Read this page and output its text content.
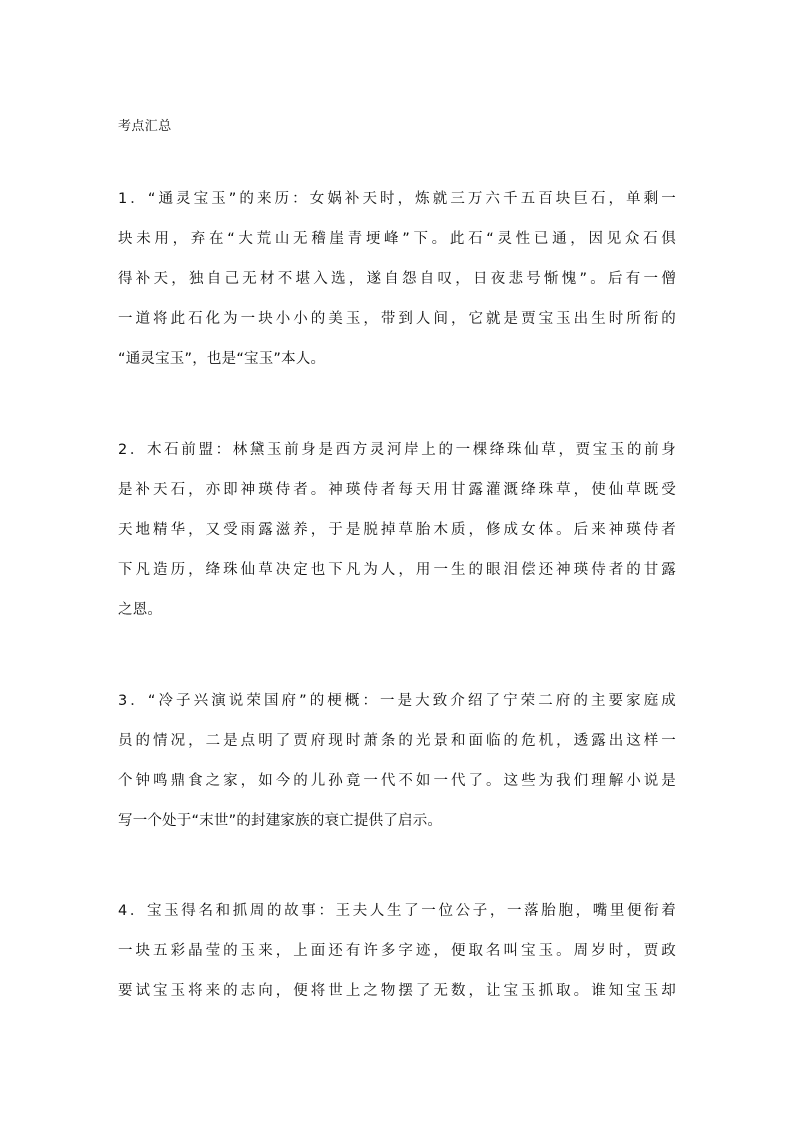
考点汇总
1．“通灵宝玉”的来历：女娲补天时，炼就三万六千五百块巨石，单剩一
块未用，弃在“大荒山无稽崖青埂峰”下。此石“灵性已通，因见众石俱
得补天，独自己无材不堪入选，遂自怨自叹，日夜悲号惭愧”。后有一僧
一道将此石化为一块小小的美玉，带到人间，它就是贾宝玉出生时所衔的
“通灵宝玉”，也是“宝玉”本人。
2．木石前盟：林黛玉前身是西方灵河岸上的一棵绛珠仙草，贾宝玉的前身
是补天石，亦即神瑛侍者。神瑛侍者每天用甘露灌溉绛珠草，使仙草既受
天地精华，又受雨露滋养，于是脱掉草胎木质，修成女体。后来神瑛侍者
下凡造历，绛珠仙草决定也下凡为人，用一生的眼泪偿还神瑛侍者的甘露
之恩。
3．“冷子兴演说荣国府”的梗概：一是大致介绍了宁荣二府的主要家庭成
员的情况，二是点明了贾府现时萧条的光景和面临的危机，透露出这样一
个钟鸣鼎食之家，如今的儿孙竟一代不如一代了。这些为我们理解小说是
写一个处于“末世”的封建家族的衰亡提供了启示。
4．宝玉得名和抓周的故事：王夫人生了一位公子，一落胎胞，嘴里便衔着
一块五彩晶莹的玉来，上面还有许多字迹，便取名叫宝玉。周岁时，贾政
要试宝玉将来的志向，便将世上之物摆了无数，让宝玉抓取。谁知宝玉却
